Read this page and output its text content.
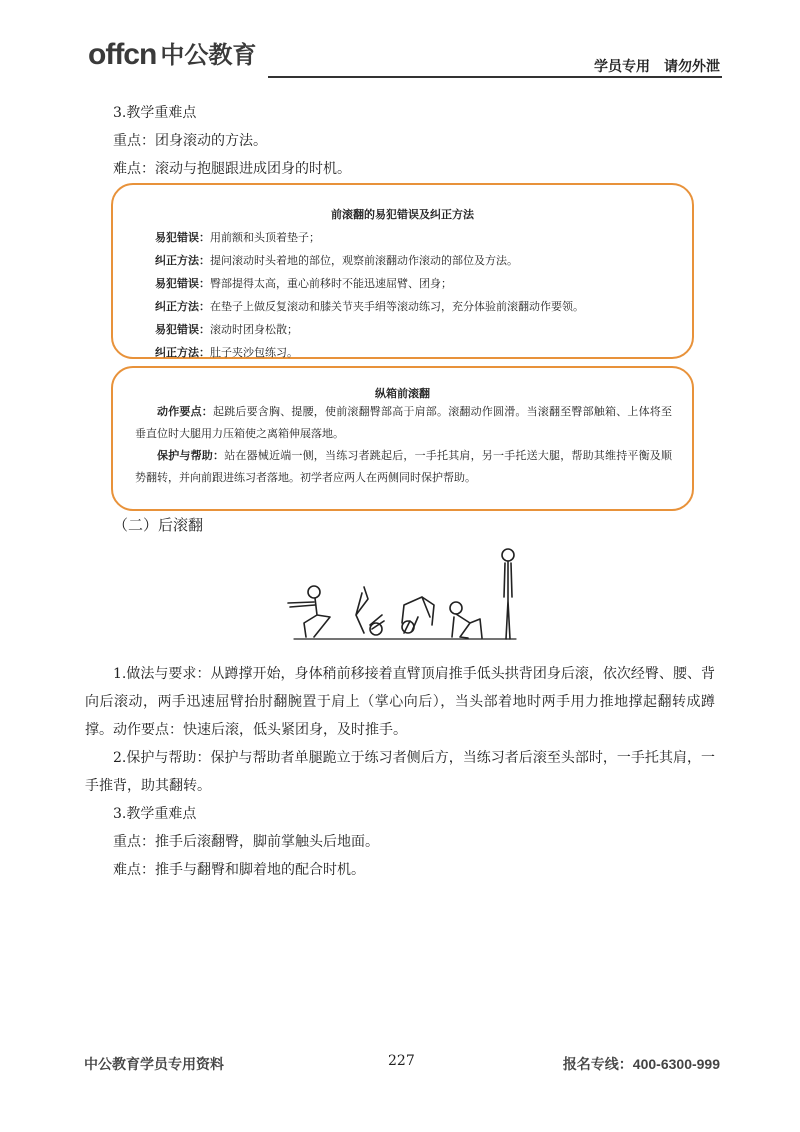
offcn 中公教育	学员专用　请勿外泄
3.教学重难点
重点：团身滚动的方法。
难点：滚动与抱腿跟进成团身的时机。
前滚翻的易犯错误及纠正方法
易犯错误：用前额和头顶着垫子；
纠正方法：提问滚动时头着地的部位，观察前滚翻动作滚动的部位及方法。
易犯错误：臀部提得太高，重心前移时不能迅速屈臂、团身；
纠正方法：在垫子上做反复滚动和膝关节夹手绢等滚动练习，充分体验前滚翻动作要领。
易犯错误：滚动时团身松散；
纠正方法：肚子夹沙包练习。
纵箱前滚翻
动作要点：起跳后要含胸、提腰，使前滚翻臀部高于肩部。滚翻动作圆滑。当滚翻至臀部触箱、上体将至垂直位时大腿用力压箱使之离箱伸展落地。
保护与帮助：站在器械近端一侧，当练习者跳起后，一手托其肩，另一手托送大腿，帮助其维持平衡及顺势翻转，并向前跟进练习者落地。初学者应两人在两侧同时保护帮助。
（二）后滚翻
1.做法与要求：从蹲撑开始，身体稍前移接着直臂顶肩推手低头拱背团身后滚，依次经臀、腰、背向后滚动，两手迅速屈臂抬肘翻腕置于肩上（掌心向后），当头部着地时两手用力推地撑起翻转成蹲撑。 动作要点：快速后滚，低头紧团身，及时推手。
2.保护与帮助：保护与帮助者单腿跪立于练习者侧后方，当练习者后滚至头部时，一手托其肩，一手推背，助其翻转。
3.教学重难点
重点：推手后滚翻臀，脚前掌触头后地面。
难点：推手与翻臀和脚着地的配合时机。
中公教育学员专用资料	227	报名专线：400-6300-999
